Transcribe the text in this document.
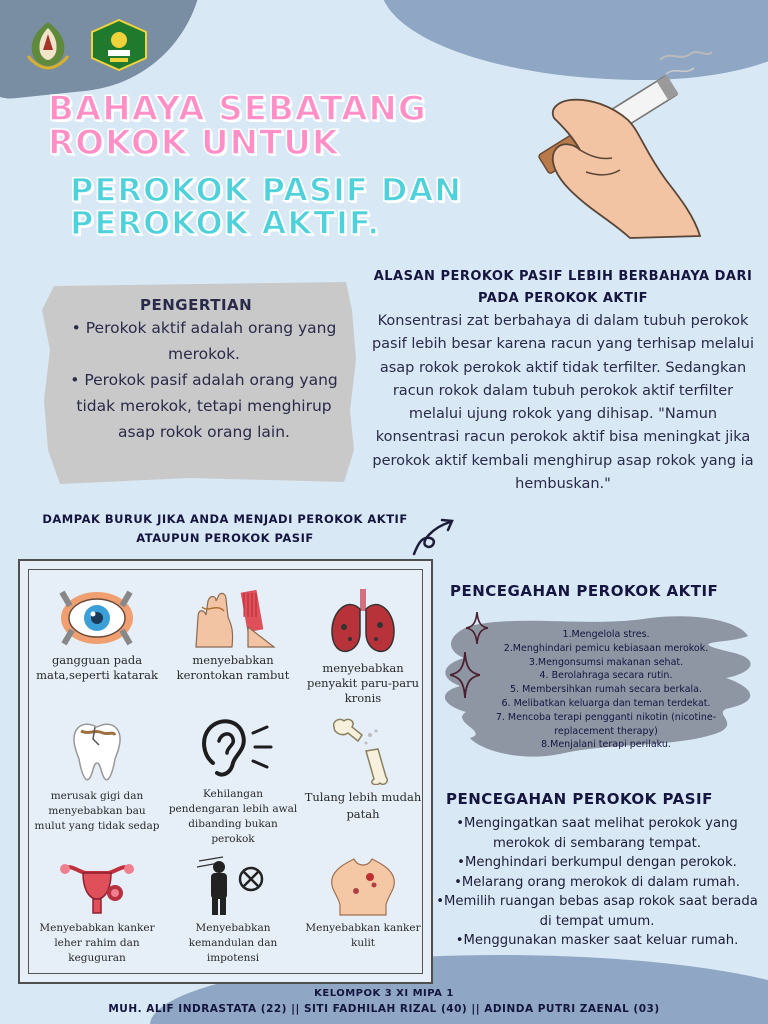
BAHAYA SEBATANG ROKOK UNTUK
PEROKOK PASIF DAN PEROKOK AKTIF.
PENGERTIAN
• Perokok aktif adalah orang yang merokok.
• Perokok pasif adalah orang yang tidak merokok, tetapi menghirup asap rokok orang lain.
ALASAN PEROKOK PASIF LEBIH BERBAHAYA DARI PADA PEROKOK AKTIF
Konsentrasi zat berbahaya di dalam tubuh perokok pasif lebih besar karena racun yang terhisap melalui asap rokok perokok aktif tidak terfilter. Sedangkan racun rokok dalam tubuh perokok aktif terfilter melalui ujung rokok yang dihisap. "Namun konsentrasi racun perokok aktif bisa meningkat jika perokok aktif kembali menghirup asap rokok yang ia hembuskan."
DAMPAK BURUK JIKA ANDA MENJADI PEROKOK AKTIF ATAUPUN PEROKOK PASIF
gangguan pada mata,seperti katarak
menyebabkan kerontokan rambut	menyebabkan penyakit paru-paru kronis
merusak gigi dan menyebabkan bau mulut yang tidak sedap
Kehilangan pendengaran lebih awal dibanding bukan perokok
Tulang lebih mudah patah
Menyebabkan kanker leher rahim dan keguguran
Menyebabkan kemandulan dan impotensi
Menyebabkan kanker kulit
PENCEGAHAN PEROKOK AKTIF
1.Mengelola stres.
2.Menghindari pemicu kebiasaan merokok.
3.Mengonsumsi makanan sehat.
4. Berolahraga secara rutin.
5. Membersihkan rumah secara berkala.
6. Melibatkan keluarga dan teman terdekat.
7. Mencoba terapi pengganti nikotin (nicotine-replacement therapy)
8.Menjalani terapi perilaku.
PENCEGAHAN PEROKOK PASIF
•Mengingatkan saat melihat perokok yang merokok di sembarang tempat.
•Menghindari berkumpul dengan perokok.
•Melarang orang merokok di dalam rumah.
•Memilih ruangan bebas asap rokok saat berada di tempat umum.
•Menggunakan masker saat keluar rumah.
KELOMPOK 3 XI MIPA 1
MUH. ALIF INDRASTATA (22) || SITI FADHILAH RIZAL (40) || ADINDA PUTRI ZAENAL (03)
